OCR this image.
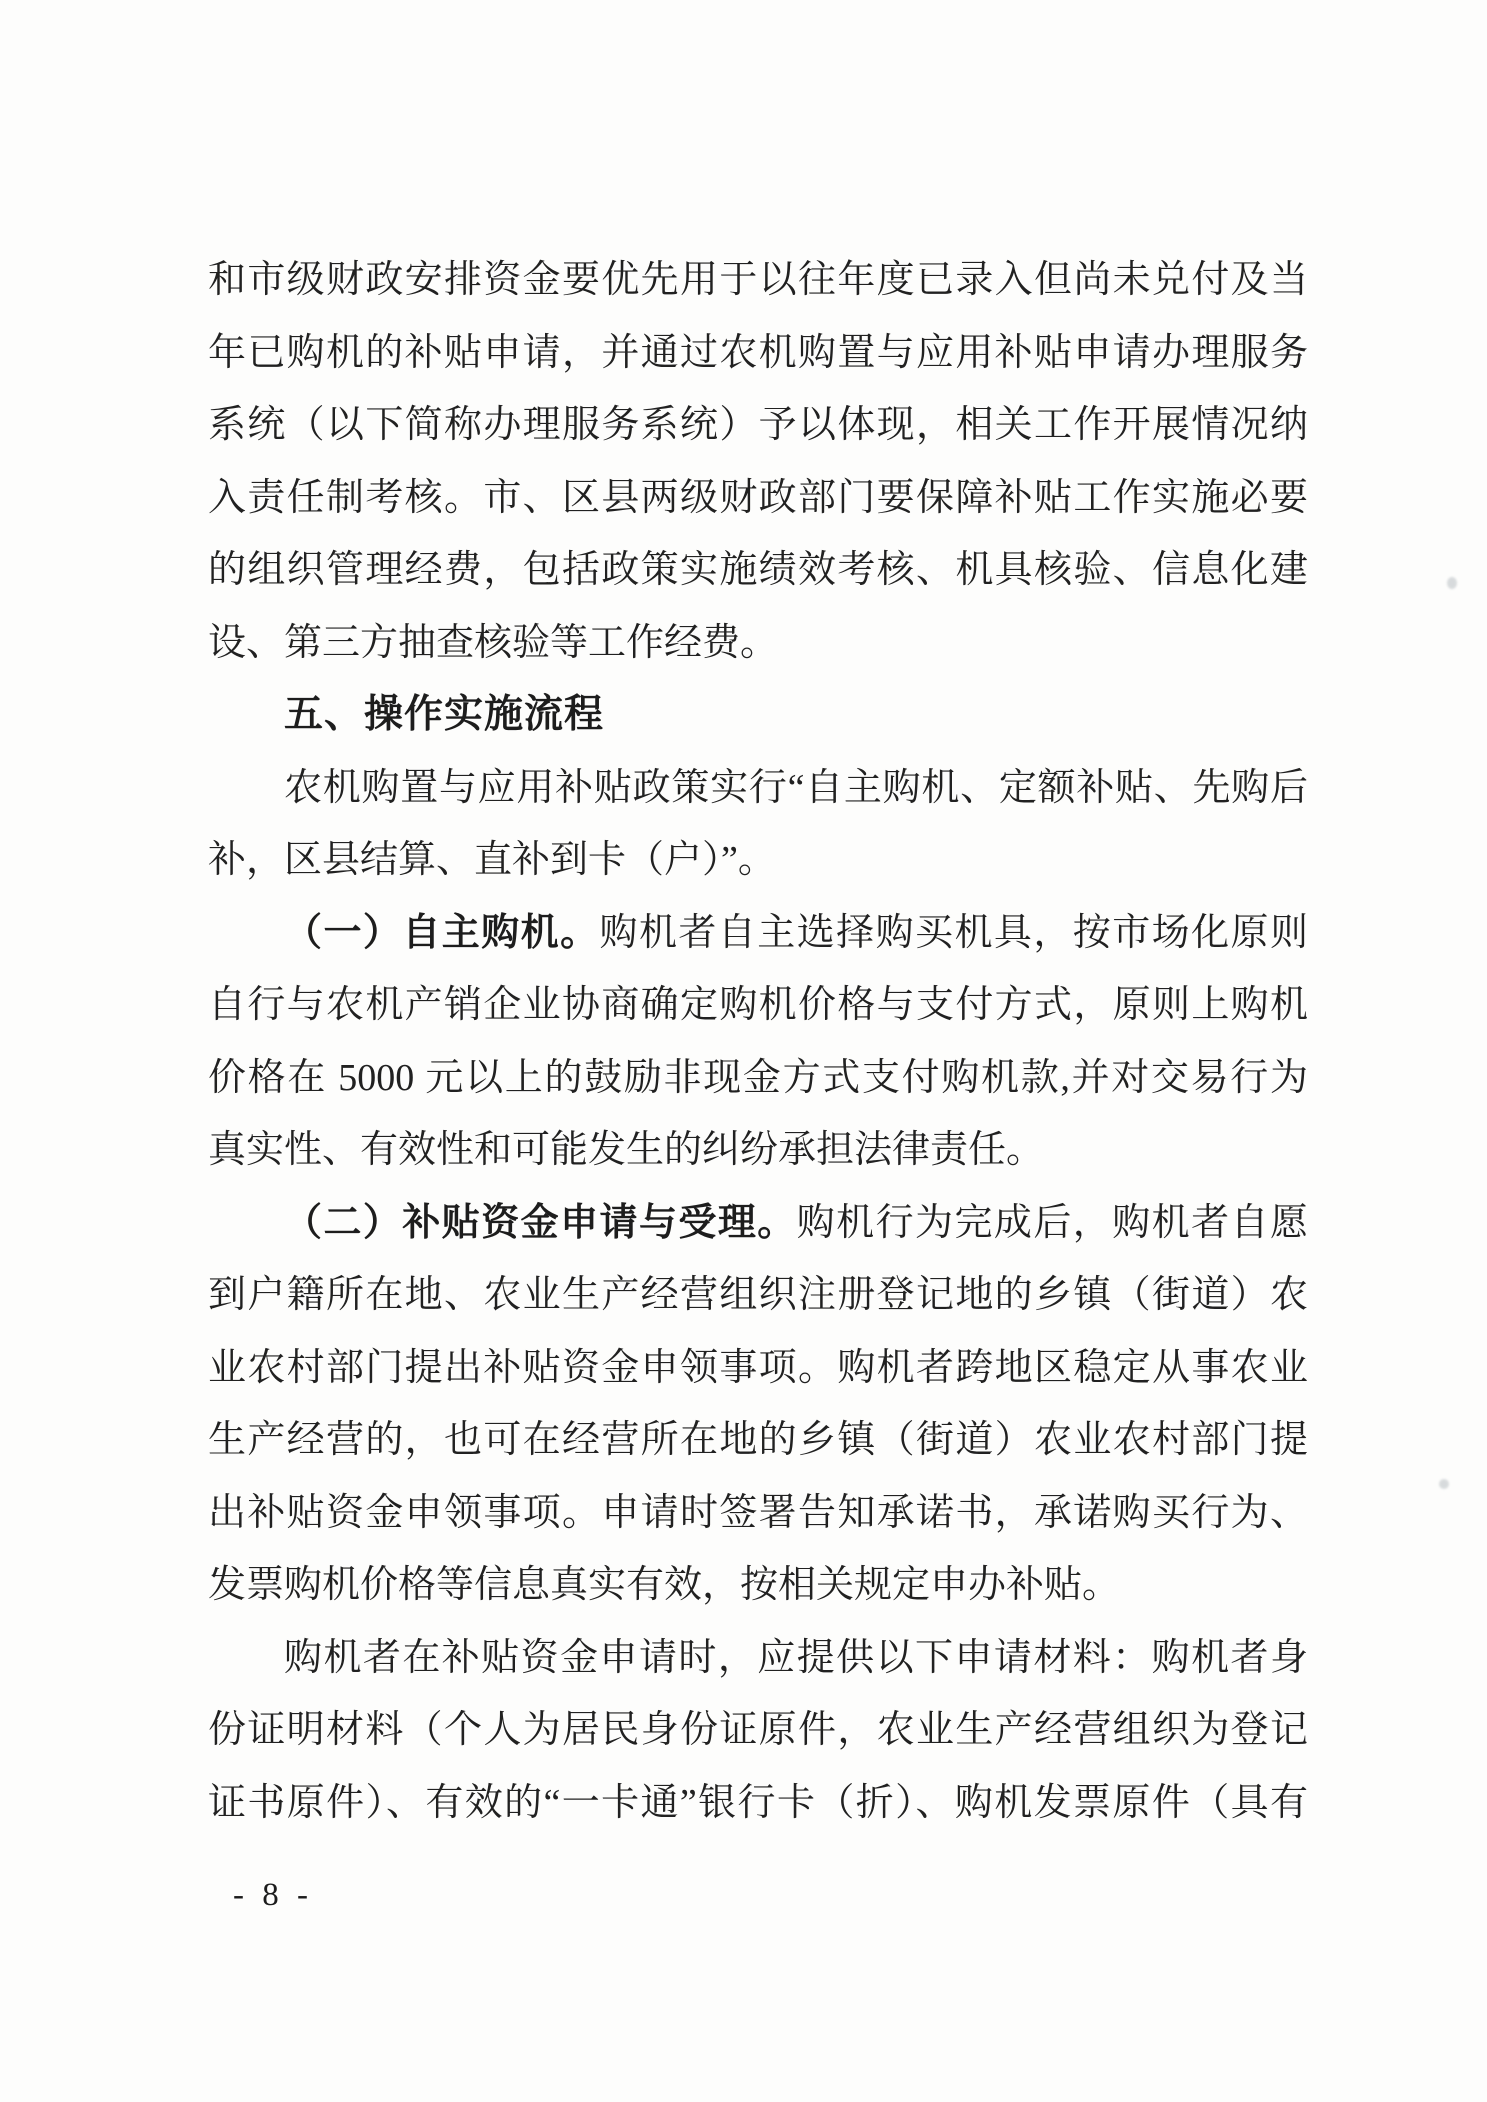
和市级财政安排资金要优先用于以往年度已录入但尚未兑付及当
年已购机的补贴申请，并通过农机购置与应用补贴申请办理服务
系统（以下简称办理服务系统）予以体现，相关工作开展情况纳
入责任制考核。市、区县两级财政部门要保障补贴工作实施必要
的组织管理经费，包括政策实施绩效考核、机具核验、信息化建
设、第三方抽查核验等工作经费。
五、操作实施流程
农机购置与应用补贴政策实行“自主购机、定额补贴、先购后
补，区县结算、直补到卡（户）”。
（一）自主购机。购机者自主选择购买机具，按市场化原则
自行与农机产销企业协商确定购机价格与支付方式，原则上购机
价格在 5000 元以上的鼓励非现金方式支付购机款,并对交易行为
真实性、有效性和可能发生的纠纷承担法律责任。
（二）补贴资金申请与受理。购机行为完成后，购机者自愿
到户籍所在地、农业生产经营组织注册登记地的乡镇（街道）农
业农村部门提出补贴资金申领事项。购机者跨地区稳定从事农业
生产经营的，也可在经营所在地的乡镇（街道）农业农村部门提
出补贴资金申领事项。申请时签署告知承诺书，承诺购买行为、
发票购机价格等信息真实有效，按相关规定申办补贴。
购机者在补贴资金申请时，应提供以下申请材料：购机者身
份证明材料（个人为居民身份证原件，农业生产经营组织为登记
证书原件）、有效的“一卡通”银行卡（折）、购机发票原件（具有
- 8 -
